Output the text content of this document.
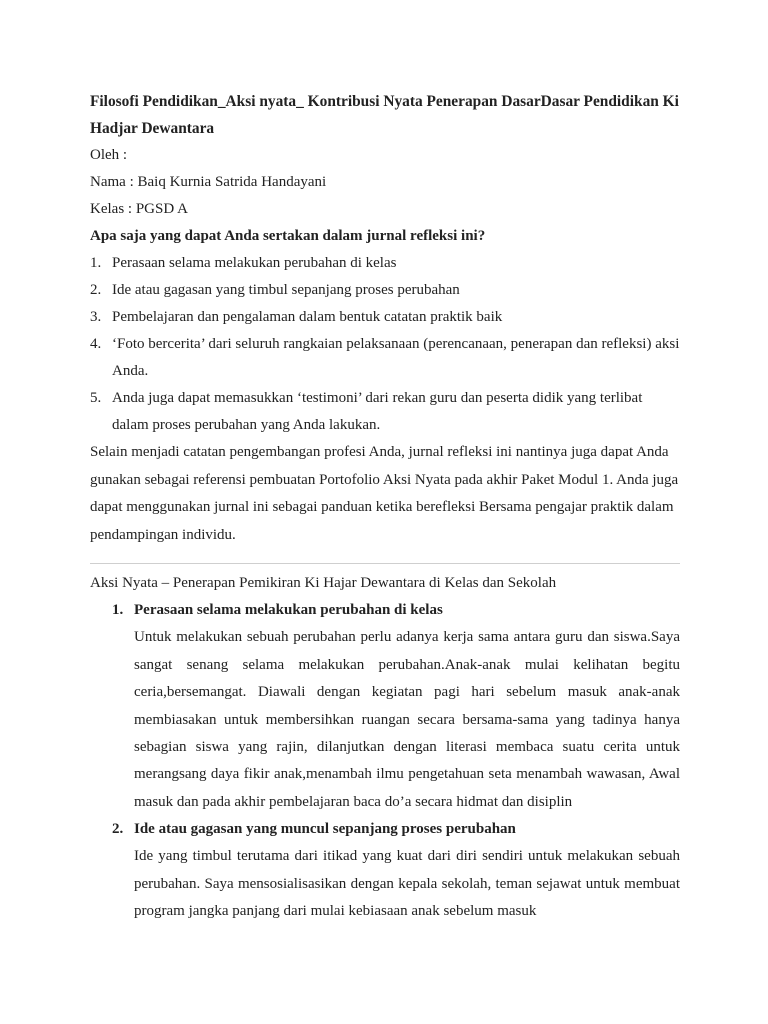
Filosofi Pendidikan_Aksi nyata_ Kontribusi Nyata Penerapan DasarDasar Pendidikan Ki

Hadjar Dewantara

Oleh :

Nama : Baiq Kurnia Satrida Handayani

Kelas : PGSD A

Apa saja yang dapat Anda sertakan dalam jurnal refleksi ini?

1. Perasaan selama melakukan perubahan di kelas
2. Ide atau gagasan yang timbul sepanjang proses perubahan
3. Pembelajaran dan pengalaman dalam bentuk catatan praktik baik
4. ‘Foto bercerita’ dari seluruh rangkaian pelaksanaan (perencanaan, penerapan dan refleksi) aksi Anda.
5. Anda juga dapat memasukkan ‘testimoni’ dari rekan guru dan peserta didik yang terlibat dalam proses perubahan yang Anda lakukan.

Selain menjadi catatan pengembangan profesi Anda, jurnal refleksi ini nantinya juga dapat Anda gunakan sebagai referensi pembuatan Portofolio Aksi Nyata pada akhir Paket Modul 1. Anda juga dapat menggunakan jurnal ini sebagai panduan ketika berefleksi Bersama pengajar praktik dalam pendampingan individu.

Aksi Nyata – Penerapan Pemikiran Ki Hajar Dewantara di Kelas dan Sekolah

1. Perasaan selama melakukan perubahan di kelas

Untuk melakukan sebuah perubahan perlu adanya kerja sama antara guru dan siswa.Saya sangat senang selama melakukan perubahan.Anak-anak mulai kelihatan begitu ceria,bersemangat. Diawali dengan kegiatan pagi hari sebelum masuk anak-anak membiasakan untuk membersihkan ruangan secara bersama-sama yang tadinya hanya sebagian siswa yang rajin, dilanjutkan dengan literasi membaca suatu cerita untuk merangsang daya fikir anak,menambah ilmu pengetahuan seta menambah wawasan, Awal masuk dan pada akhir pembelajaran baca do’a secara hidmat dan disiplin

2. Ide atau gagasan yang muncul sepanjang proses perubahan

Ide yang timbul terutama dari itikad yang kuat dari diri sendiri untuk melakukan sebuah perubahan. Saya mensosialisasikan dengan kepala sekolah, teman sejawat untuk membuat program jangka panjang dari mulai kebiasaan anak sebelum masuk
